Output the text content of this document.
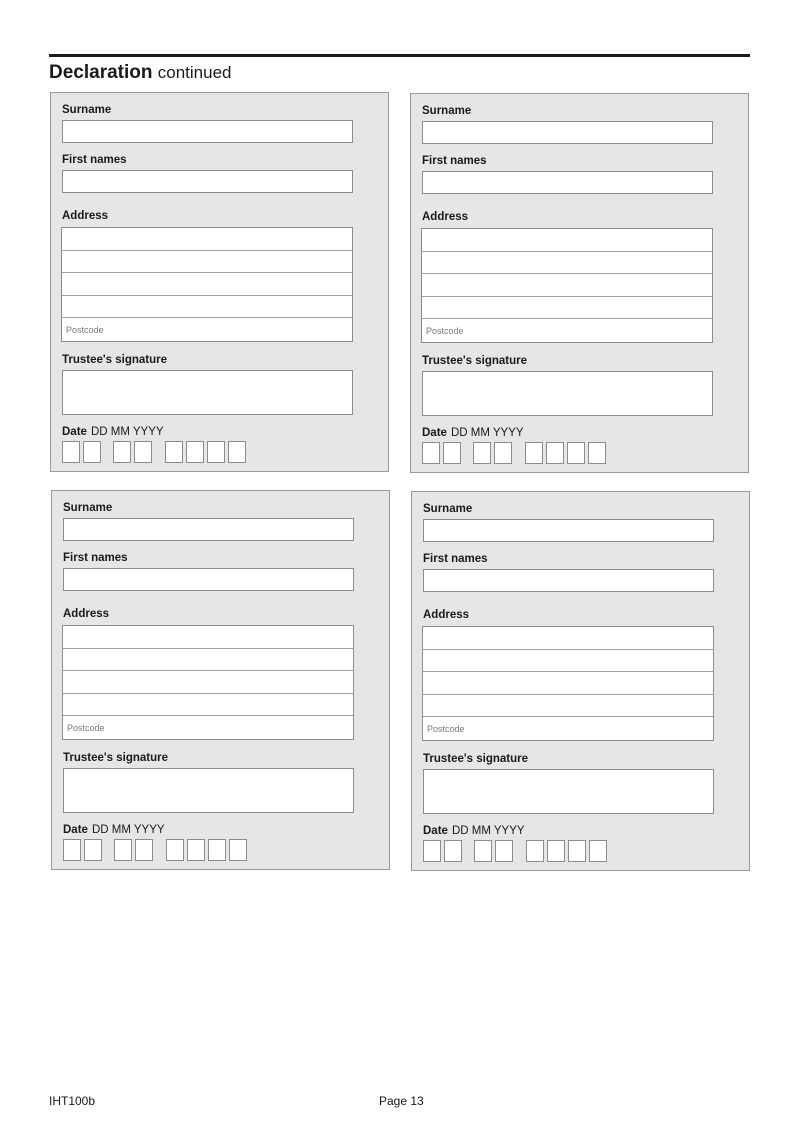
Declaration continued
Surname
First names
Address
Postcode
Trustee's signature
Date DD MM YYYY
Surname
First names
Address
Postcode
Trustee's signature
Date DD MM YYYY
Surname
First names
Address
Postcode
Trustee's signature
Date DD MM YYYY
Surname
First names
Address
Postcode
Trustee's signature
Date DD MM YYYY
IHT100b	Page 13
